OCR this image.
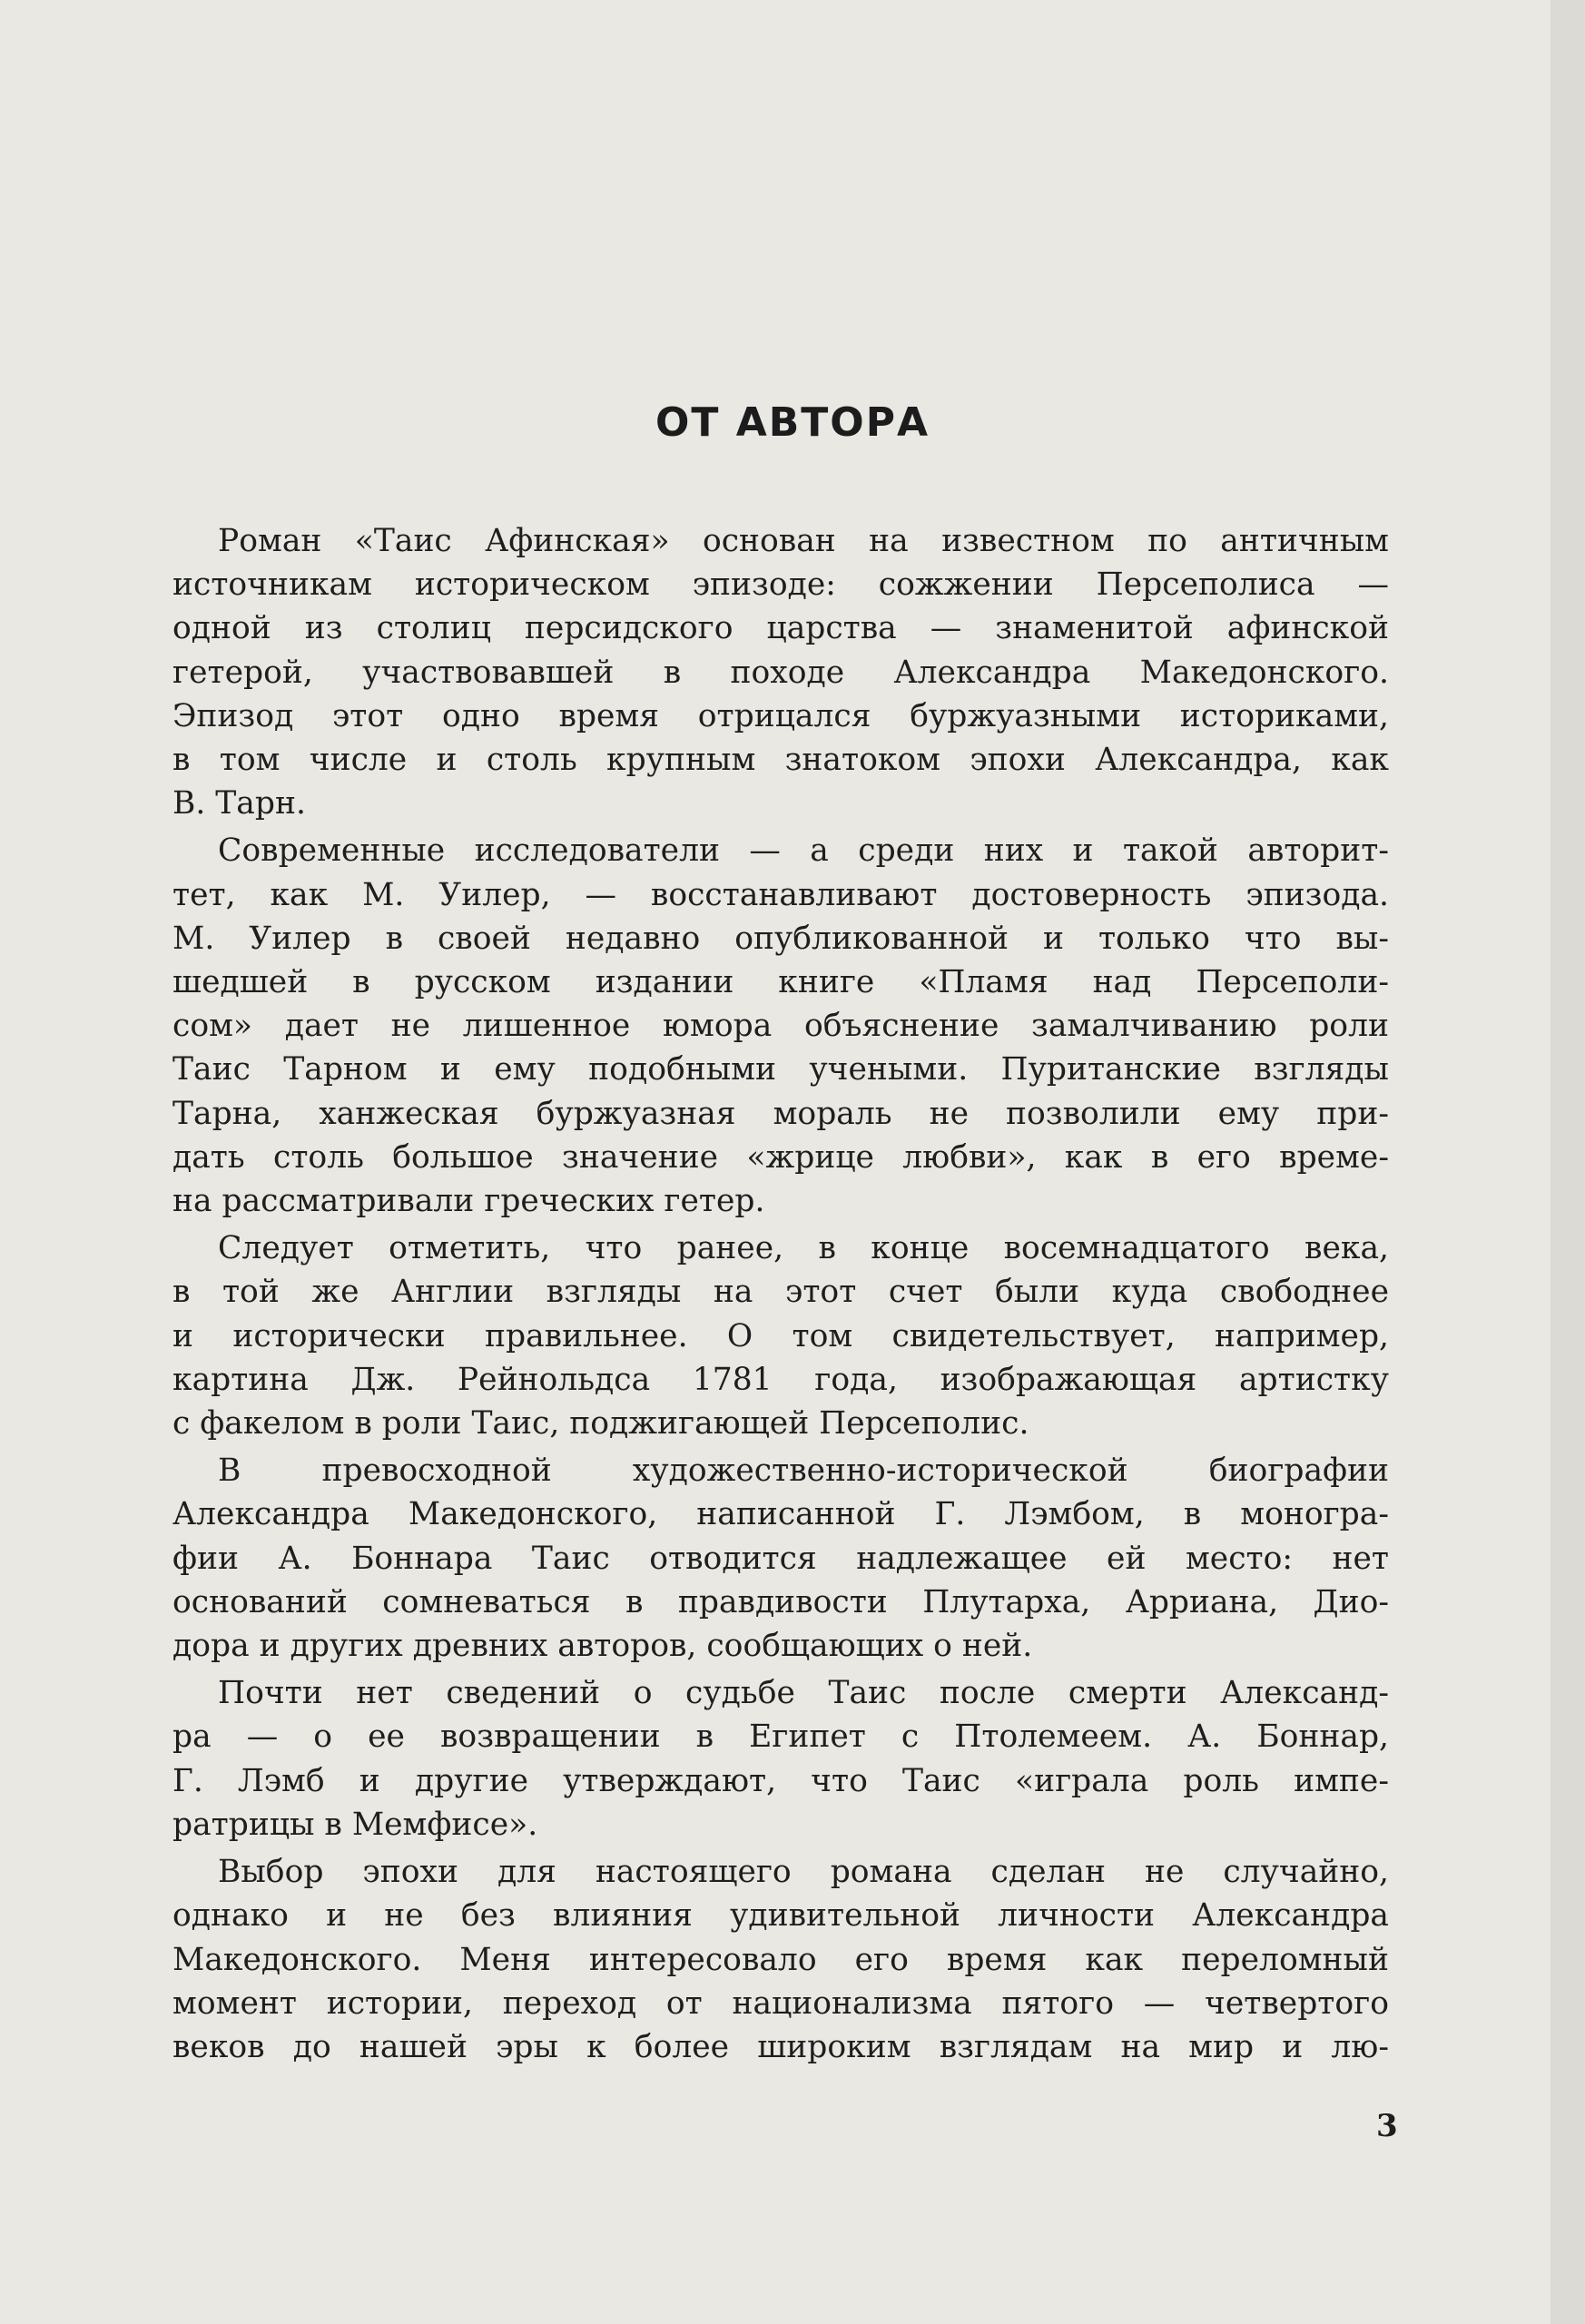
ОТ АВТОРА

Роман «Таис Афинская» основан на известном по античным
источникам историческом эпизоде: сожжении Персеполиса —
одной из столиц персидского царства — знаменитой афинской
гетерой, участвовавшей в походе Александра Македонского.
Эпизод этот одно время отрицался буржуазными историками,
в том числе и столь крупным знатоком эпохи Александра, как
В. Тарн.

Современные исследователи — а среди них и такой авторит-
тет, как М. Уилер, — восстанавливают достоверность эпизода.
М. Уилер в своей недавно опубликованной и только что вы-
шедшей в русском издании книге «Пламя над Персеполи-
сом» дает не лишенное юмора объяснение замалчиванию роли
Таис Тарном и ему подобными учеными. Пуританские взгляды
Тарна, ханжеская буржуазная мораль не позволили ему при-
дать столь большое значение «жрице любви», как в его време-
на рассматривали греческих гетер.

Следует отметить, что ранее, в конце восемнадцатого века,
в той же Англии взгляды на этот счет были куда свободнее
и исторически правильнее. О том свидетельствует, например,
картина Дж. Рейнольдса 1781 года, изображающая артистку
с факелом в роли Таис, поджигающей Персеполис.

В превосходной художественно-исторической биографии
Александра Македонского, написанной Г. Лэмбом, в моногра-
фии А. Боннара Таис отводится надлежащее ей место: нет
оснований сомневаться в правдивости Плутарха, Арриана, Дио-
дора и других древних авторов, сообщающих о ней.

Почти нет сведений о судьбе Таис после смерти Александ-
ра — о ее возвращении в Египет с Птолемеем. А. Боннар,
Г. Лэмб и другие утверждают, что Таис «играла роль импе-
ратрицы в Мемфисе».

Выбор эпохи для настоящего романа сделан не случайно,
однако и не без влияния удивительной личности Александра
Македонского. Меня интересовало его время как переломный
момент истории, переход от национализма пятого — четвертого
веков до нашей эры к более широким взглядам на мир и лю-

3
